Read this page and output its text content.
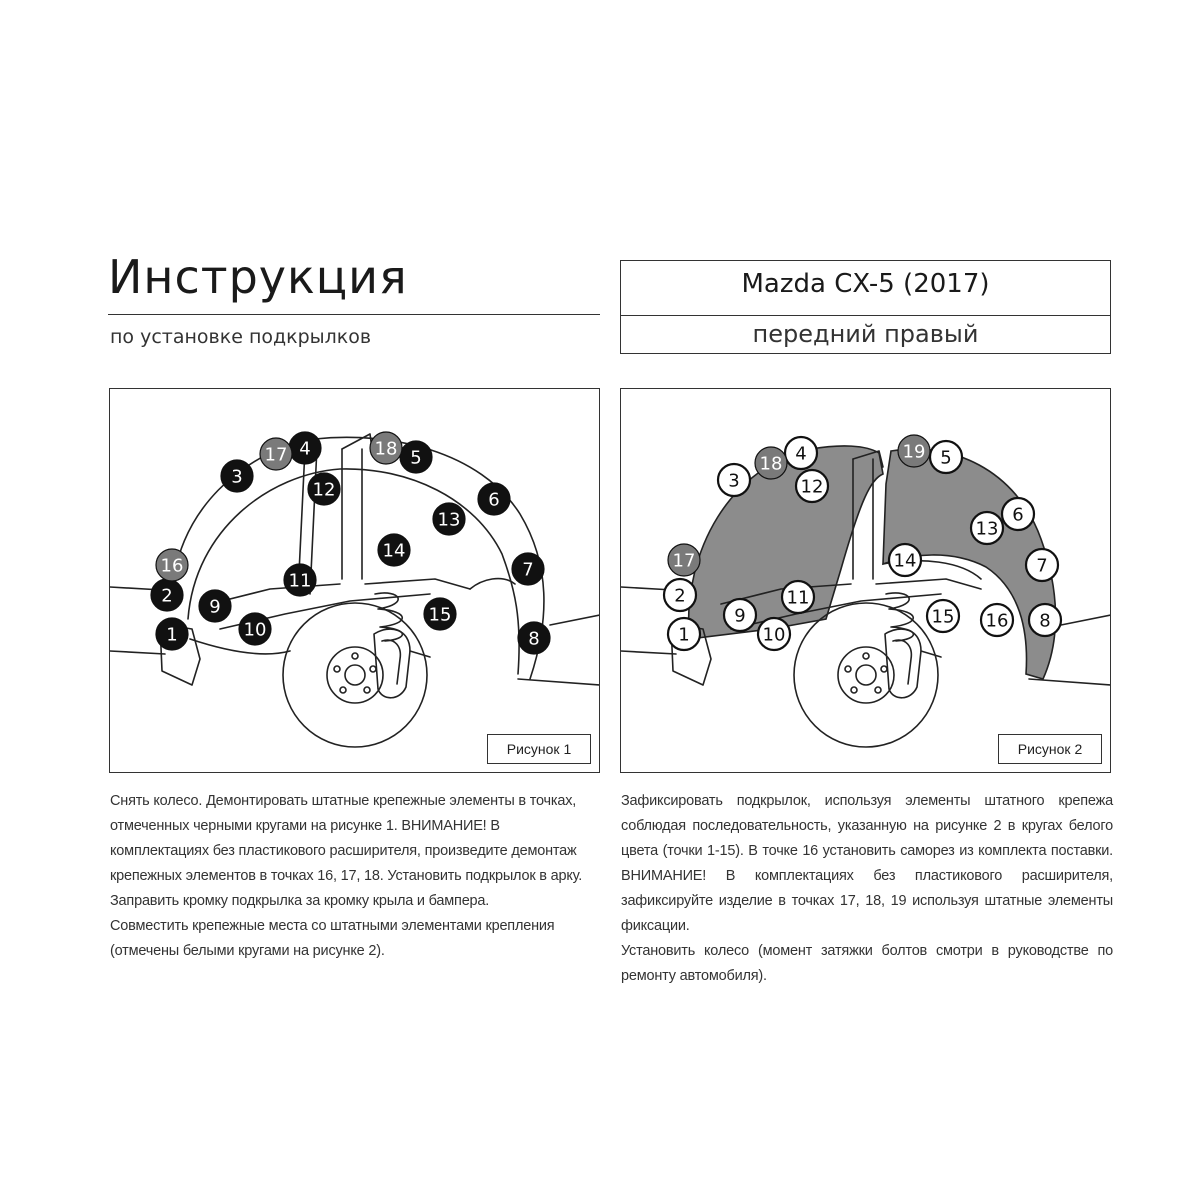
Инструкция
по установке подкрылков
Mazda CX-5 (2017)
передний правый
1
2
3
4	5
6
7
8
9
10
11
12
13
14
15
16
17	18
Рисунок 1
1
2
3
4	5
6
7
8
9
10
11
12
13
14
15 16
17
18
19
Рисунок 2

Снять колесо. Демонтировать штатные крепежные элементы в точках, отмеченных черными кругами на рисунке 1. ВНИМАНИЕ! В комплектациях без пластикового расширителя, произведите демонтаж крепежных элементов в точках 16, 17, 18. Установить подкрылок в арку. Заправить кромку подкрылка за кромку крыла и бампера.

Совместить крепежные места со штатными элементами крепления (отмечены белыми кругами на рисунке 2).

Зафиксировать подкрылок, используя элементы штатного крепежа соблюдая последовательность, указанную на рисунке 2 в кругах белого цвета (точки 1-15). В точке 16 установить саморез из комплекта поставки. ВНИМАНИЕ! В комплектациях без пластикового расширителя, зафиксируйте изделие в точках 17, 18, 19 используя штатные элементы фиксации.

Установить колесо (момент затяжки болтов смотри в руководстве по ремонту автомобиля).
